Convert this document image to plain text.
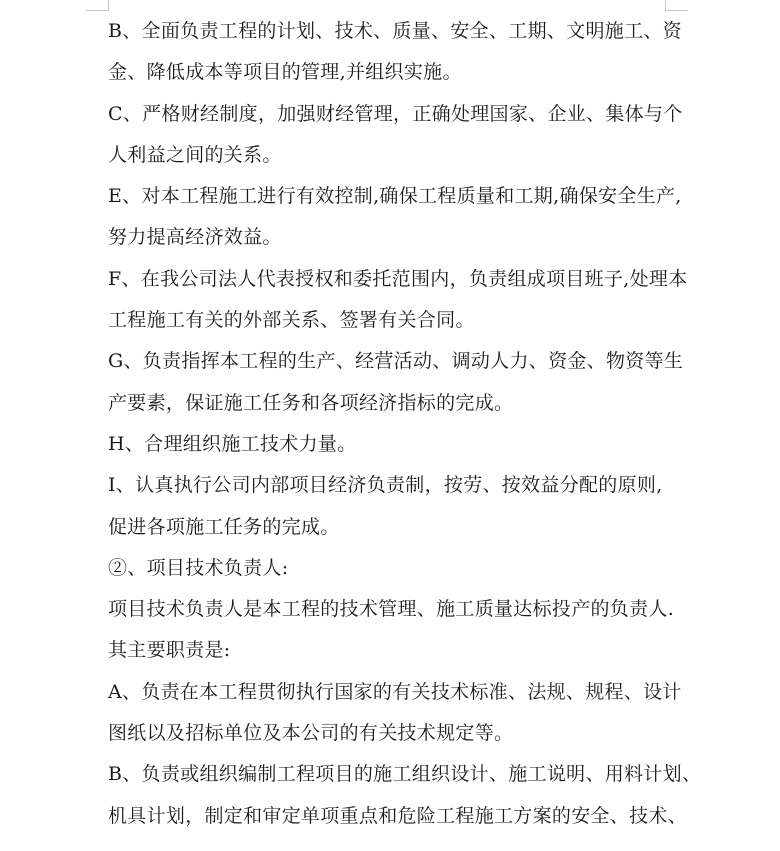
B、全面负责工程的计划、技术、质量、安全、工期、文明施工、资
金、降低成本等项目的管理,并组织实施。

C、严格财经制度，加强财经管理，正确处理国家、企业、集体与个
人利益之间的关系。

E、对本工程施工进行有效控制,确保工程质量和工期,确保安全生产,
努力提高经济效益。

F、在我公司法人代表授权和委托范围内，负责组成项目班子,处理本
工程施工有关的外部关系、签署有关合同。

G、负责指挥本工程的生产、经营活动、调动人力、资金、物资等生
产要素，保证施工任务和各项经济指标的完成。

H、合理组织施工技术力量。

I、认真执行公司内部项目经济负责制，按劳、按效益分配的原则,
促进各项施工任务的完成。

②、项目技术负责人:

项目技术负责人是本工程的技术管理、施工质量达标投产的负责人.
其主要职责是:

A、负责在本工程贯彻执行国家的有关技术标准、法规、规程、设计
图纸以及招标单位及本公司的有关技术规定等。

B、负责或组织编制工程项目的施工组织设计、施工说明、用料计划、
机具计划，制定和审定单项重点和危险工程施工方案的安全、技术、
